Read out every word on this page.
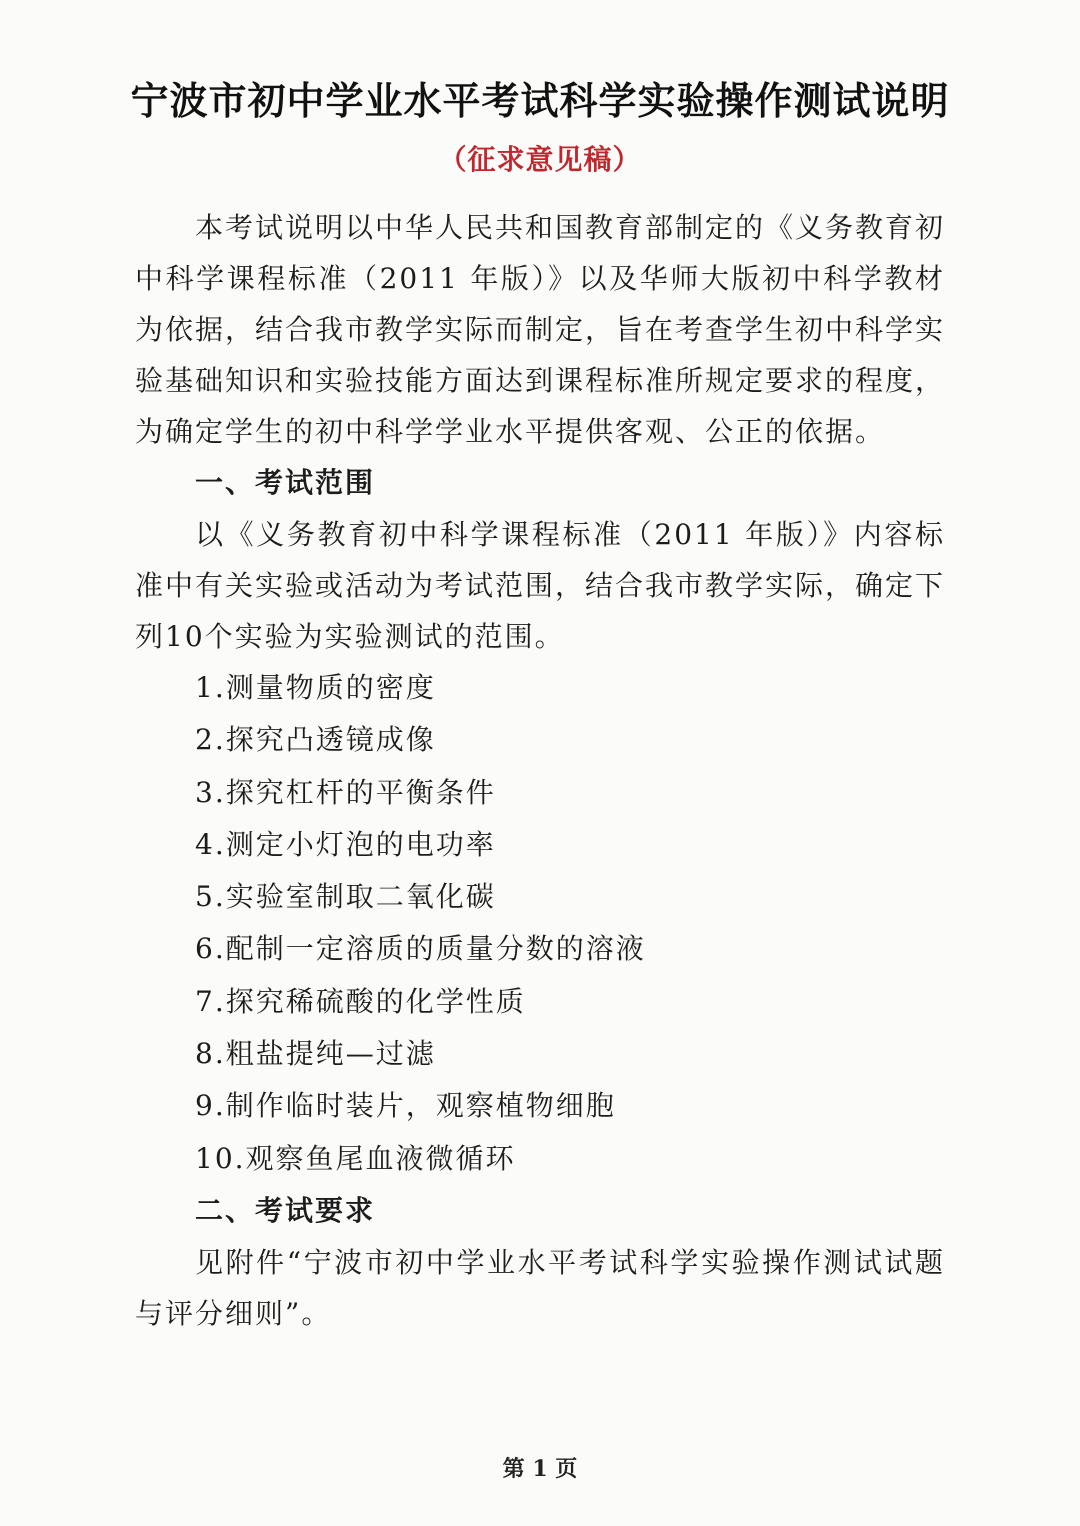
宁波市初中学业水平考试科学实验操作测试说明
（征求意见稿）

本考试说明以中华人民共和国教育部制定的《义务教育初中科学课程标准（2011 年版）》以及华师大版初中科学教材为依据，结合我市教学实际而制定，旨在考查学生初中科学实验基础知识和实验技能方面达到课程标准所规定要求的程度，为确定学生的初中科学学业水平提供客观、公正的依据。

一、考试范围

以《义务教育初中科学课程标准（2011 年版）》内容标准中有关实验或活动为考试范围，结合我市教学实际，确定下列10个实验为实验测试的范围。

1.测量物质的密度
2.探究凸透镜成像
3.探究杠杆的平衡条件
4.测定小灯泡的电功率
5.实验室制取二氧化碳
6.配制一定溶质的质量分数的溶液
7.探究稀硫酸的化学性质
8.粗盐提纯—过滤
9.制作临时装片，观察植物细胞
10.观察鱼尾血液微循环

二、考试要求

见附件“宁波市初中学业水平考试科学实验操作测试试题与评分细则”。

第 1 页
